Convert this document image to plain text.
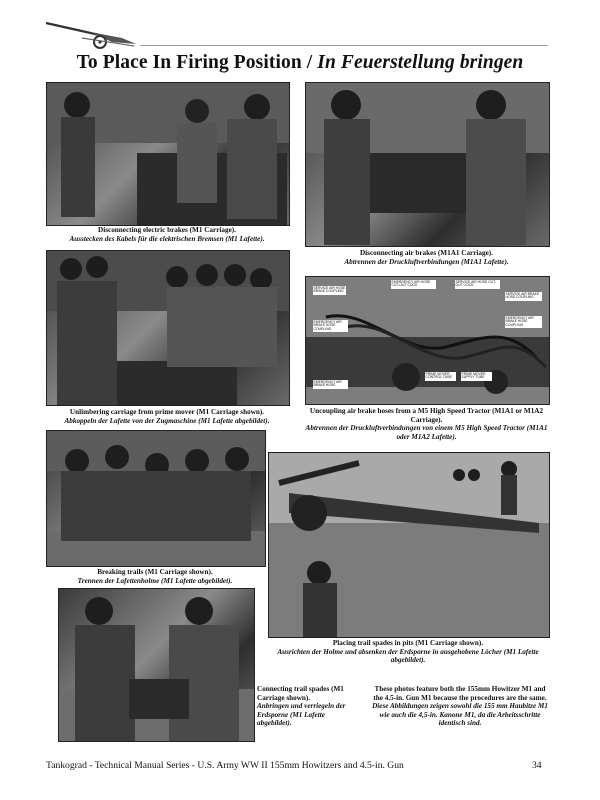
To Place In Firing Position / In Feuerstellung bringen
Disconnecting electric brakes (M1 Carriage).
Ausstecken des Kabels für die elektrischen Bremsen (M1 Lafette).
Disconnecting air brakes (M1A1 Carriage).
Abtrennen der Druckluftverbindungen (M1A1 Lafette).
Unlimbering carriage from prime mover (M1 Carriage shown).
Abkoppeln der Lafette von der Zugmaschine (M1 Lafette abgebildet).
SERVICE AIR HOSE BRAKE COUPLING
EMERGENCY AIR BRAKE HOSE COUPLING
EMERGENCY AIR HOSE CUT-OUT COCK
SERVICE AIR HOSE CUT-OUT COCK
SERVICE AIR BRAKE HOSE COUPLING
EMERGENCY AIR BRAKE HOSE COUPLING
PRIME MOVER CONTROL TUBE
PRIME MOVER SUPPLY TUBE
EMERGENCY AIR BRAKE HOSE
Uncoupling air brake hoses from a M5 High Speed Tractor (M1A1 or M1A2 Carriage).
Abtrennen der Druckluftverbindungen von einem M5 High Speed Tractor (M1A1 oder M1A2 Lafette).
Breaking trails (M1 Carriage shown).
Trennen der Lafettenholme (M1 Lafette abgebildet).
Placing trail spades in pits (M1 Carriage shown).
Ausrichten der Holme und absenken der Erdsporne in ausgehobene Löcher (M1 Lafette abgebildet).
Connecting trail spades (M1 Carriage shown).
Anbringen und verriegeln der Erdsporne (M1 Lafette abgebildet).
These photos feature both the 155mm Howitzer M1 and the 4.5-in. Gun M1 because the procedures are the same.
Diese Abbildungen zeigen sowohl die 155 mm Haubitze M1 wie auch die 4,5-in. Kanone M1, da die Arbeitsschritte identisch sind.
Tankograd - Technical Manual Series - U.S. Army WW II 155mm Howitzers and 4.5-in. Gun	34
